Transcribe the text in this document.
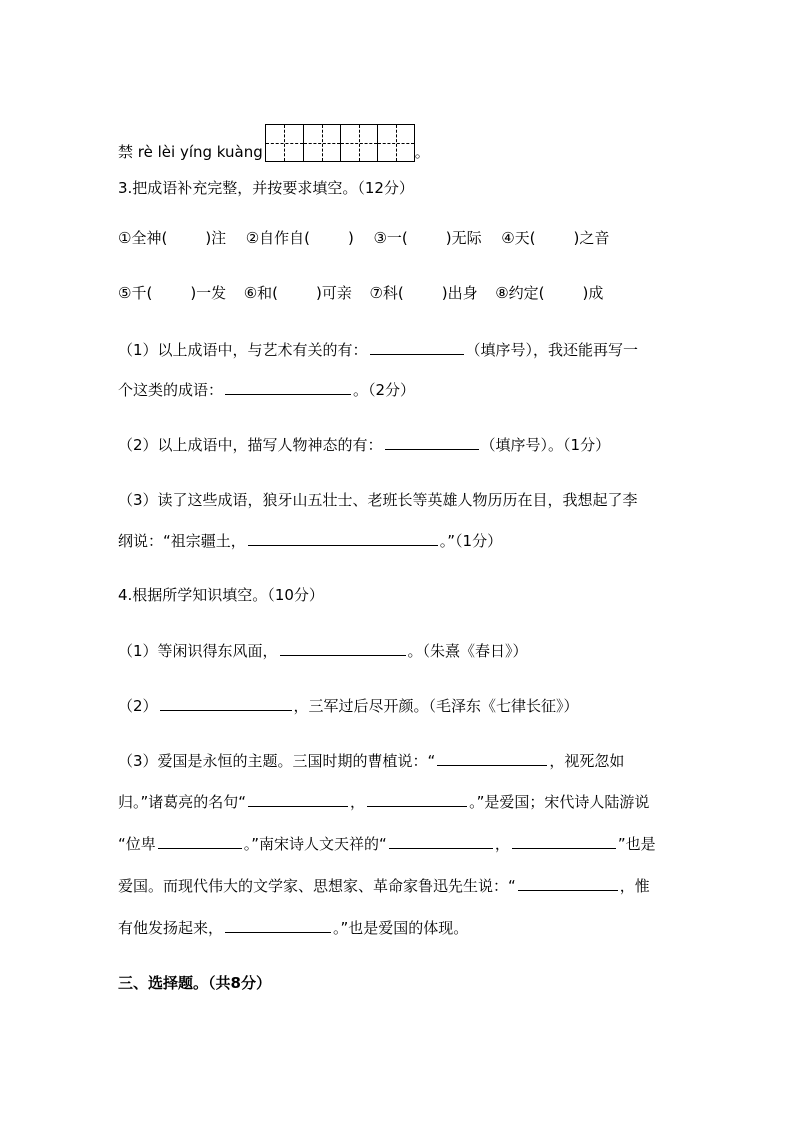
禁 rè lèi yíng kuàng	。
3.把成语补充完整，并按要求填空。（12分）
①全神(	)注 ②自作自(	) ③一(	)无际 ④天(	)之音
⑤千(	)一发 ⑥和(	)可亲 ⑦科(	)出身 ⑧约定(	)成
（1）以上成语中，与艺术有关的有：	（填序号），我还能再写一
个这类的成语：	。（2分）
（2）以上成语中，描写人物神态的有：	（填序号）。（1分）
（3）读了这些成语，狼牙山五壮士、老班长等英雄人物历历在目，我想起了李
纲说：“祖宗疆土，	。”（1分）
4.根据所学知识填空。（10分）
（1）等闲识得东风面，	。（朱熹《春日》）
（2）	，三军过后尽开颜。（毛泽东《七律长征》）
（3）爱国是永恒的主题。三国时期的曹植说：“	，视死忽如
归。”诸葛亮的名句“	，	。”是爱国；宋代诗人陆游说
“位卑	。”南宋诗人文天祥的“	，	”也是
爱国。而现代伟大的文学家、思想家、革命家鲁迅先生说：“	，惟
有他发扬起来，	。”也是爱国的体现。
三、选择题。（共8分）
